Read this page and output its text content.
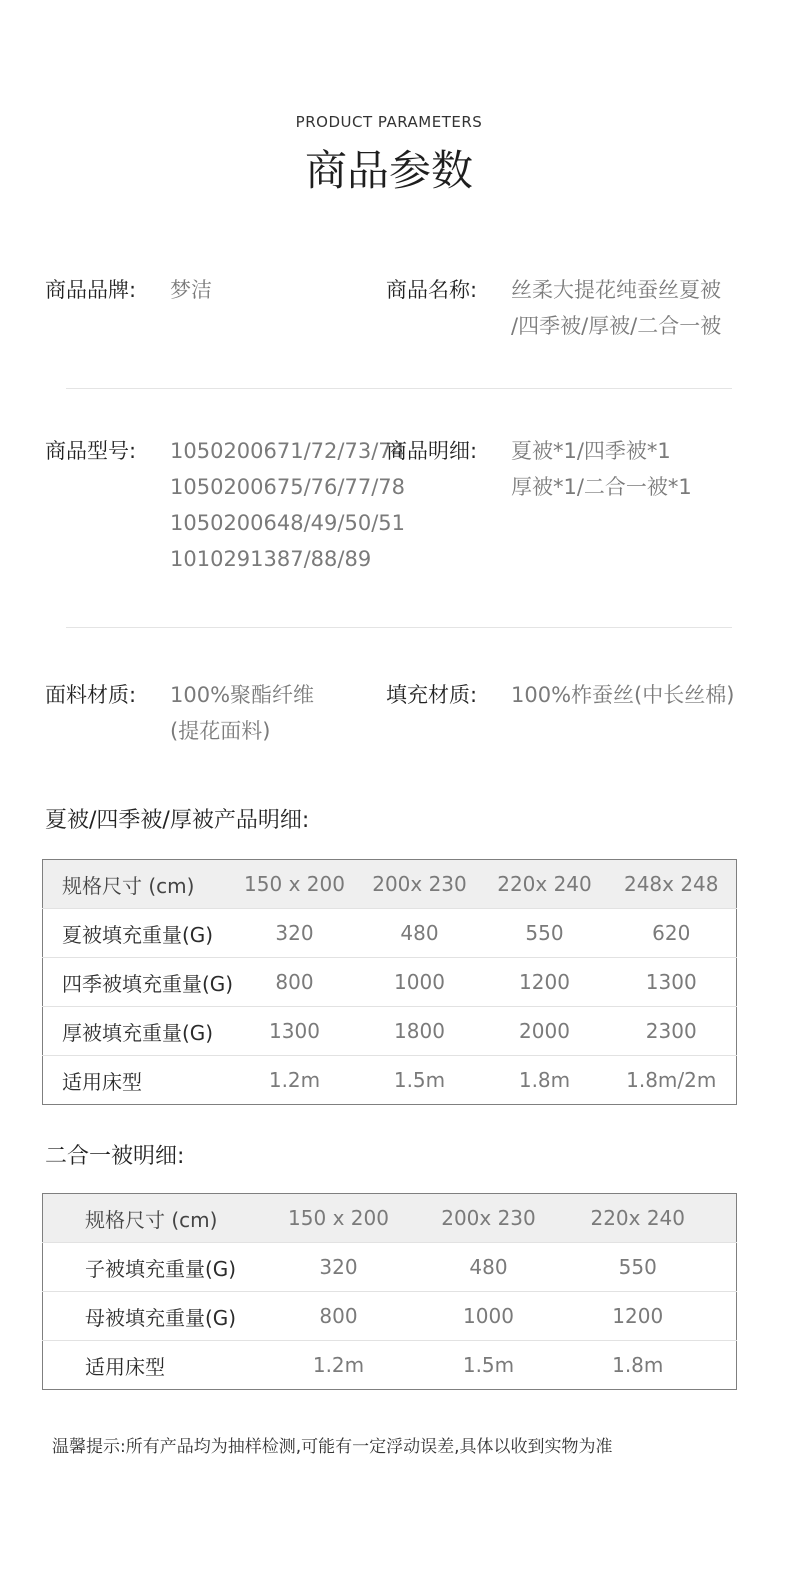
PRODUCT PARAMETERS
商品参数
商品品牌: 梦洁	商品名称: 丝柔大提花纯蚕丝夏被
/四季被/厚被/二合一被
商品型号: 1050200671/72/73/74
1050200675/76/77/78
1050200648/49/50/51
1010291387/88/89
商品明细: 夏被*1/四季被*1
厚被*1/二合一被*1
面料材质: 100%聚酯纤维
(提花面料)
填充材质: 100%柞蚕丝(中长丝棉)
夏被/四季被/厚被产品明细:
规格尺寸 (cm)	150 x 200	200x 230	220x 240	248x 248
夏被填充重量(G)	320	480	550	620
四季被填充重量(G)	800	1000	1200	1300
厚被填充重量(G)	1300	1800	2000	2300
适用床型	1.2m	1.5m	1.8m	1.8m/2m
二合一被明细:
规格尺寸 (cm)	150 x 200	200x 230	220x 240
子被填充重量(G)	320	480	550
母被填充重量(G)	800	1000	1200
适用床型	1.2m	1.5m	1.8m
温馨提示:所有产品均为抽样检测,可能有一定浮动误差,具体以收到实物为准
